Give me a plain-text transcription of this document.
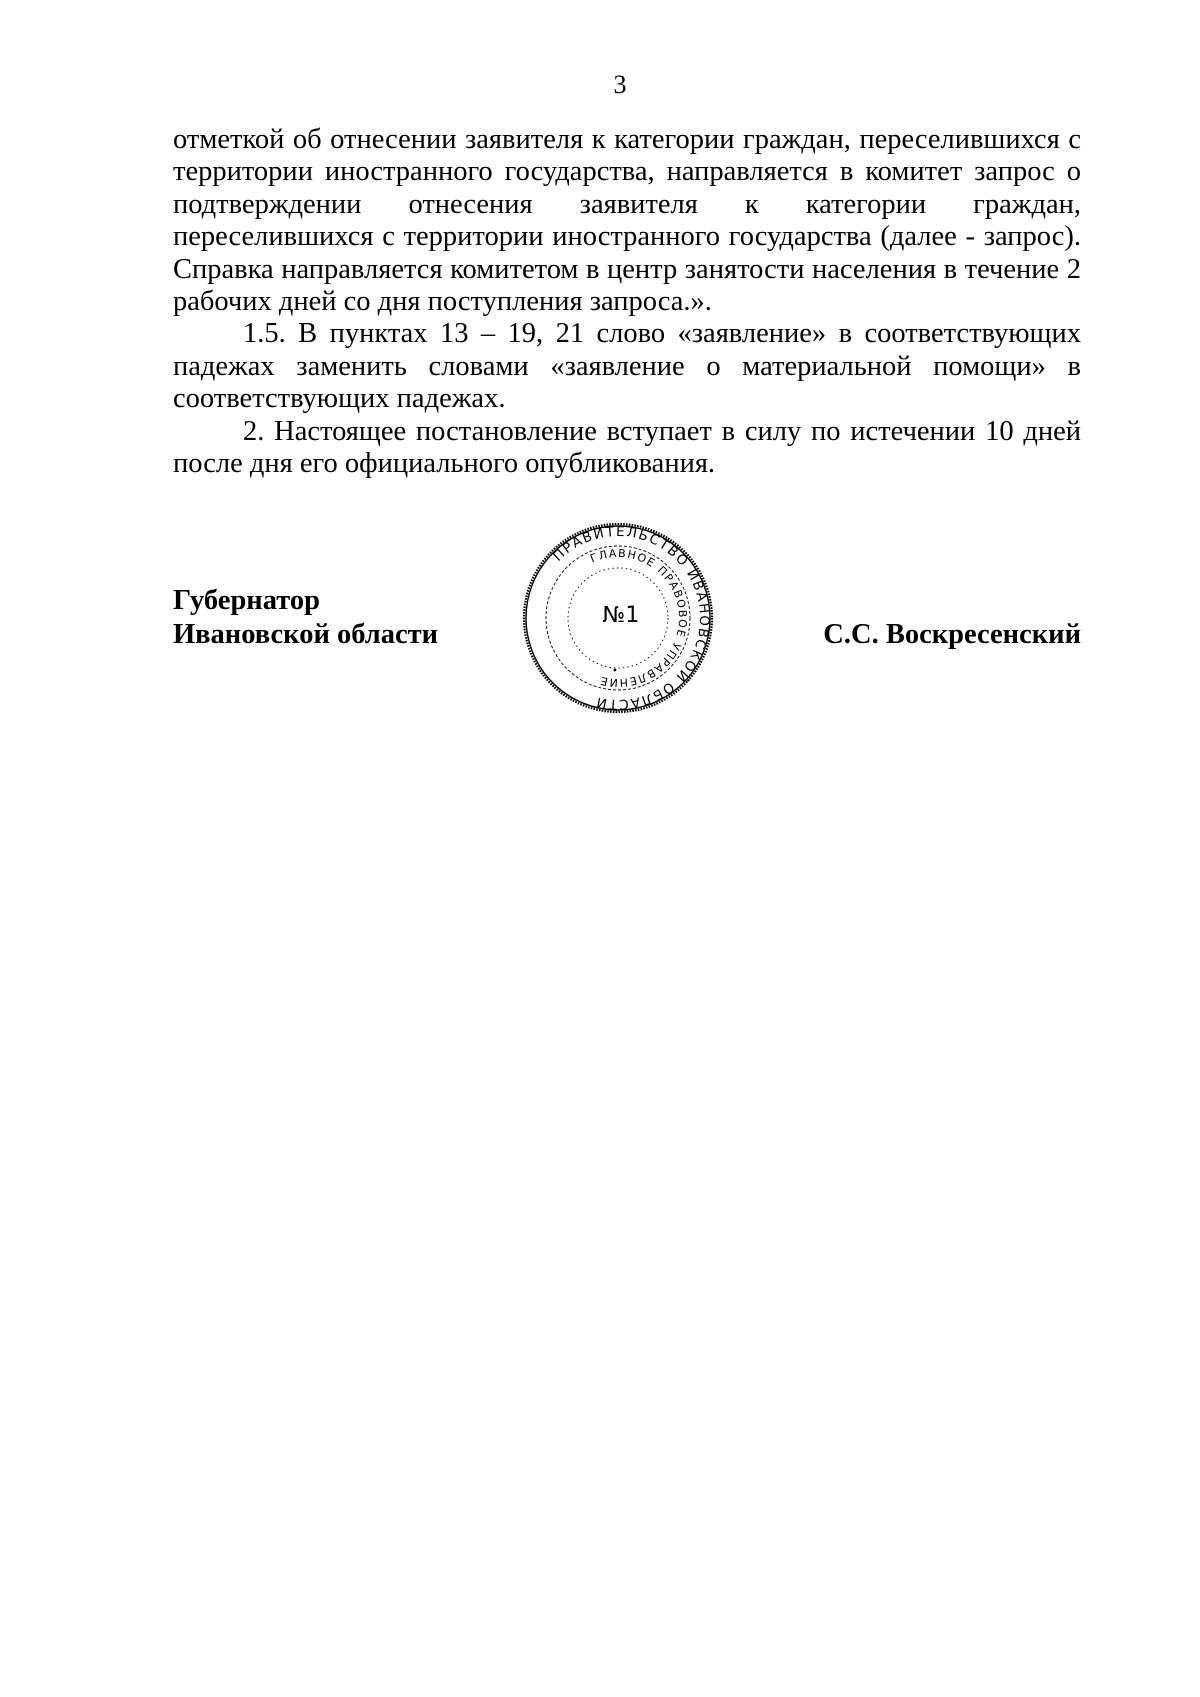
3

отметкой об отнесении заявителя к категории граждан, переселившихся с территории иностранного государства, направляется в комитет запрос о подтверждении отнесения заявителя к категории граждан, переселившихся с территории иностранного государства (далее - запрос). Справка направляется комитетом в центр занятости населения в течение 2 рабочих дней со дня поступления запроса.».

1.5. В пунктах 13 – 19, 21 слово «заявление» в соответствующих падежах заменить словами «заявление о материальной помощи» в соответствующих падежах.

2. Настоящее постановление вступает в силу по истечении 10 дней после дня его официального опубликования.

Губернатор
Ивановской области	С.С. Воскресенский
ПРАВИТЕЛЬСТВО ИВАНОВСКОЙ ОБЛАСТИ
ГЛАВНОЕ ПРАВОВОЕ УПРАВЛЕНИЕ
№1
